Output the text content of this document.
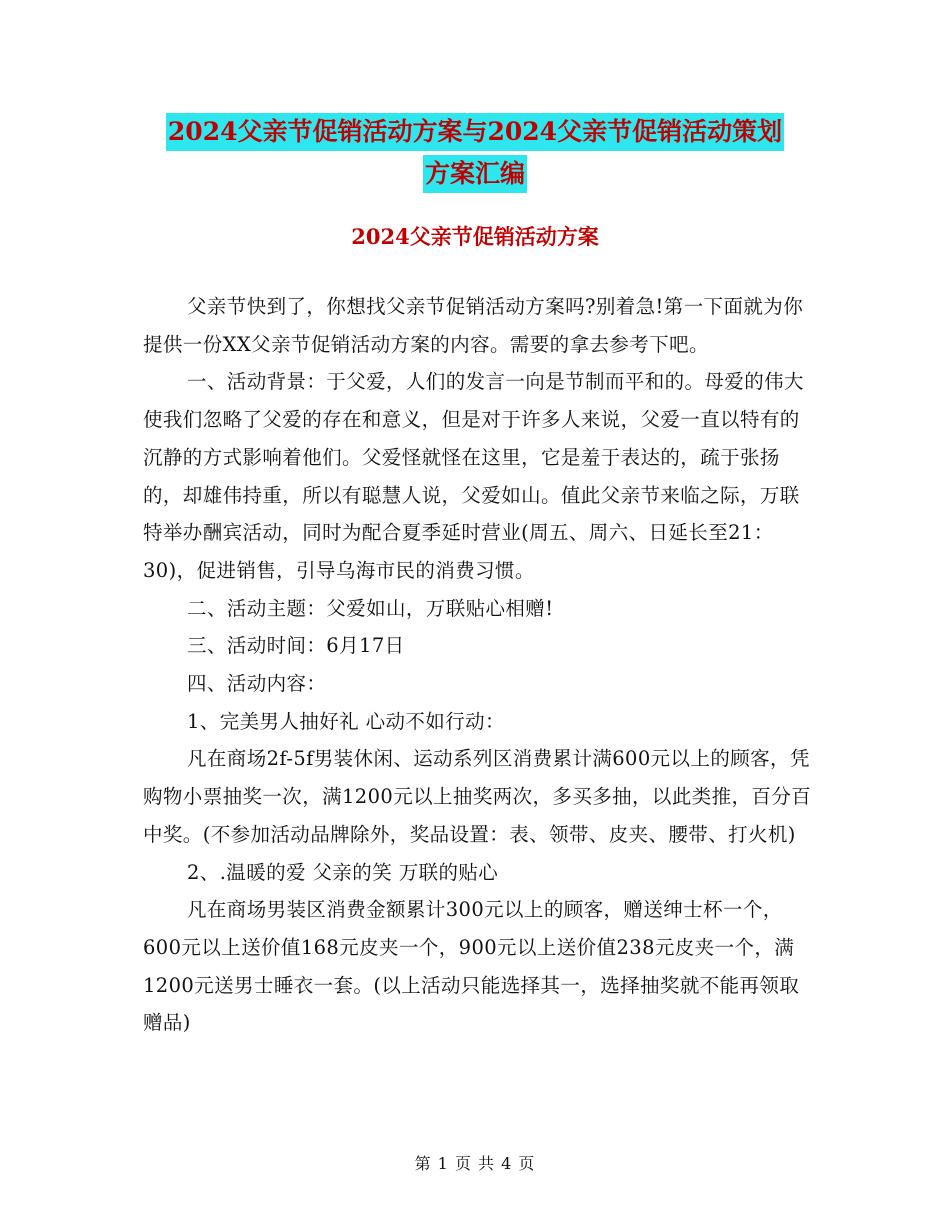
2024父亲节促销活动方案与2024父亲节促销活动策划
方案汇编
2024父亲节促销活动方案

父亲节快到了，你想找父亲节促销活动方案吗?别着急!第一下面就为你提供一份XX父亲节促销活动方案的内容。需要的拿去参考下吧。

一、活动背景：于父爱，人们的发言一向是节制而平和的。母爱的伟大使我们忽略了父爱的存在和意义，但是对于许多人来说，父爱一直以特有的沉静的方式影响着他们。父爱怪就怪在这里，它是羞于表达的，疏于张扬的，却雄伟持重，所以有聪慧人说，父爱如山。值此父亲节来临之际，万联特举办酬宾活动，同时为配合夏季延时营业(周五、周六、日延长至21：30)，促进销售，引导乌海市民的消费习惯。

二、活动主题：父爱如山，万联贴心相赠!

三、活动时间：6月17日

四、活动内容：

1、完美男人抽好礼 心动不如行动：

凡在商场2f-5f男装休闲、运动系列区消费累计满600元以上的顾客，凭购物小票抽奖一次，满1200元以上抽奖两次，多买多抽，以此类推，百分百中奖。(不参加活动品牌除外，奖品设置：表、领带、皮夹、腰带、打火机)

2、.温暖的爱 父亲的笑 万联的贴心

凡在商场男装区消费金额累计300元以上的顾客，赠送绅士杯一个，600元以上送价值168元皮夹一个，900元以上送价值238元皮夹一个，满1200元送男士睡衣一套。(以上活动只能选择其一，选择抽奖就不能再领取赠品)

第 1 页 共 4 页
